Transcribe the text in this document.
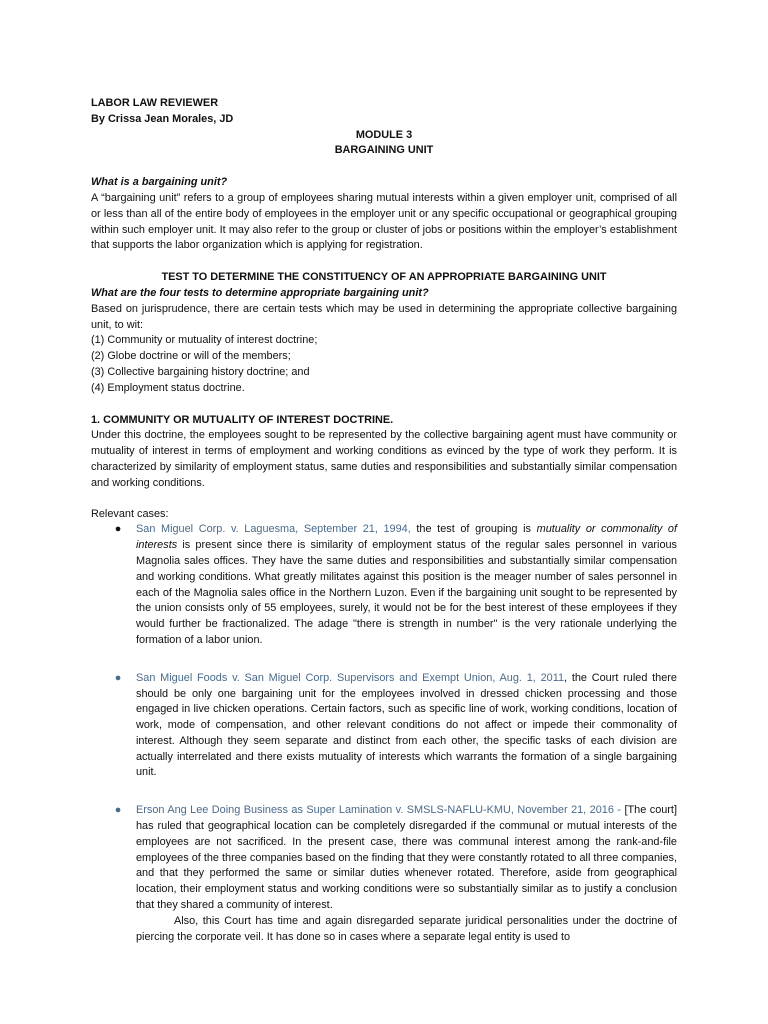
LABOR LAW REVIEWER

By Crissa Jean Morales, JD

MODULE 3

BARGAINING UNIT

What is a bargaining unit?

A “bargaining unit” refers to a group of employees sharing mutual interests within a given employer unit, comprised of all or less than all of the entire body of employees in the employer unit or any specific occupational or geographical grouping within such employer unit. It may also refer to the group or cluster of jobs or positions within the employer’s establishment that supports the labor organization which is applying for registration.

TEST TO DETERMINE THE CONSTITUENCY OF AN APPROPRIATE BARGAINING UNIT

What are the four tests to determine appropriate bargaining unit?

Based on jurisprudence, there are certain tests which may be used in determining the appropriate collective bargaining unit, to wit:

(1) Community or mutuality of interest doctrine;

(2) Globe doctrine or will of the members;

(3) Collective bargaining history doctrine; and

(4) Employment status doctrine.

1. COMMUNITY OR MUTUALITY OF INTEREST DOCTRINE.

Under this doctrine, the employees sought to be represented by the collective bargaining agent must have community or mutuality of interest in terms of employment and working conditions as evinced by the type of work they perform. It is characterized by similarity of employment status, same duties and responsibilities and substantially similar compensation and working conditions.

Relevant cases:

● San Miguel Corp. v. Laguesma, September 21, 1994, the test of grouping is mutuality or commonality of interests is present since there is similarity of employment status of the regular sales personnel in various Magnolia sales offices. They have the same duties and responsibilities and substantially similar compensation and working conditions. What greatly militates against this position is the meager number of sales personnel in each of the Magnolia sales office in the Northern Luzon. Even if the bargaining unit sought to be represented by the union consists only of 55 employees, surely, it would not be for the best interest of these employees if they would further be fractionalized. The adage "there is strength in number" is the very rationale underlying the formation of a labor union.
● San Miguel Foods v. San Miguel Corp. Supervisors and Exempt Union, Aug. 1, 2011, the Court ruled there should be only one bargaining unit for the employees involved in dressed chicken processing and those engaged in live chicken operations. Certain factors, such as specific line of work, working conditions, location of work, mode of compensation, and other relevant conditions do not affect or impede their commonality of interest. Although they seem separate and distinct from each other, the specific tasks of each division are actually interrelated and there exists mutuality of interests which warrants the formation of a single bargaining unit.
● Erson Ang Lee Doing Business as Super Lamination v. SMSLS-NAFLU-KMU, November 21, 2016 - [The court] has ruled that geographical location can be completely disregarded if the communal or mutual interests of the employees are not sacrificed. In the present case, there was communal interest among the rank-and-file employees of the three companies based on the finding that they were constantly rotated to all three companies, and that they performed the same or similar duties whenever rotated. Therefore, aside from geographical location, their employment status and working conditions were so substantially similar as to justify a conclusion that they shared a community of interest.

Also, this Court has time and again disregarded separate juridical personalities under the doctrine of piercing the corporate veil. It has done so in cases where a separate legal entity is used to
